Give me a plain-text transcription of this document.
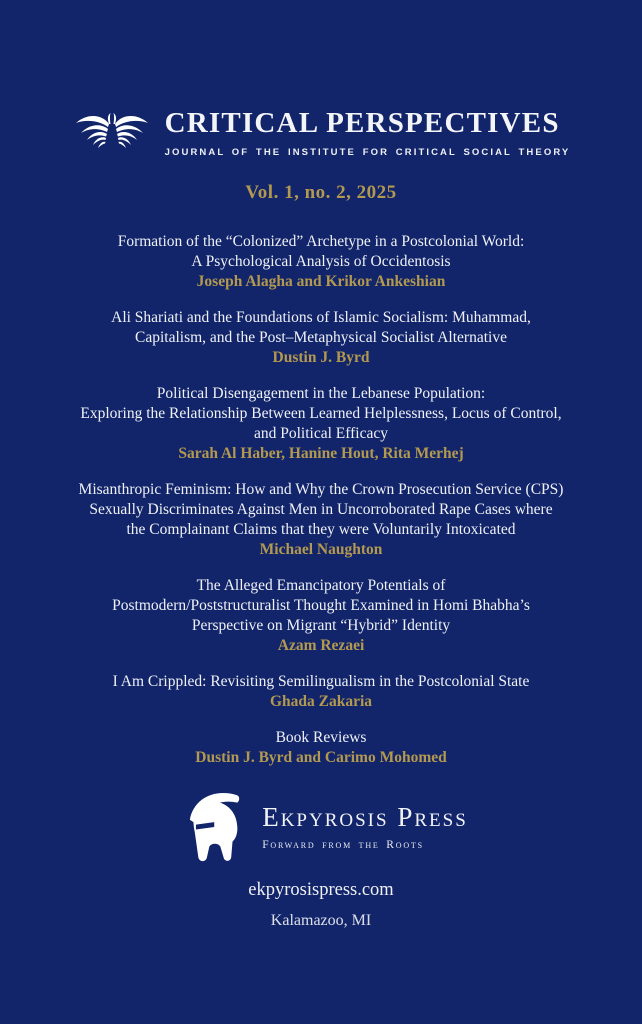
CRITICAL PERSPECTIVES
JOURNAL OF THE INSTITUTE FOR CRITICAL SOCIAL THEORY
Vol. 1, no. 2, 2025
Formation of the “Colonized” Archetype in a Postcolonial World:
A Psychological Analysis of Occidentosis
Joseph Alagha and Krikor Ankeshian
Ali Shariati and the Foundations of Islamic Socialism: Muhammad,
Capitalism, and the Post–Metaphysical Socialist Alternative
Dustin J. Byrd
Political Disengagement in the Lebanese Population:
Exploring the Relationship Between Learned Helplessness, Locus of Control,
and Political Efficacy
Sarah Al Haber, Hanine Hout, Rita Merhej
Misanthropic Feminism: How and Why the Crown Prosecution Service (CPS)
Sexually Discriminates Against Men in Uncorroborated Rape Cases where
the Complainant Claims that they were Voluntarily Intoxicated
Michael Naughton
The Alleged Emancipatory Potentials of
Postmodern/Poststructuralist Thought Examined in Homi Bhabha’s
Perspective on Migrant “Hybrid” Identity
Azam Rezaei
I Am Crippled: Revisiting Semilingualism in the Postcolonial State
Ghada Zakaria
Book Reviews
Dustin J. Byrd and Carimo Mohomed
Ekpyrosis Press
Forward from the Roots
ekpyrosispress.com
Kalamazoo, MI
